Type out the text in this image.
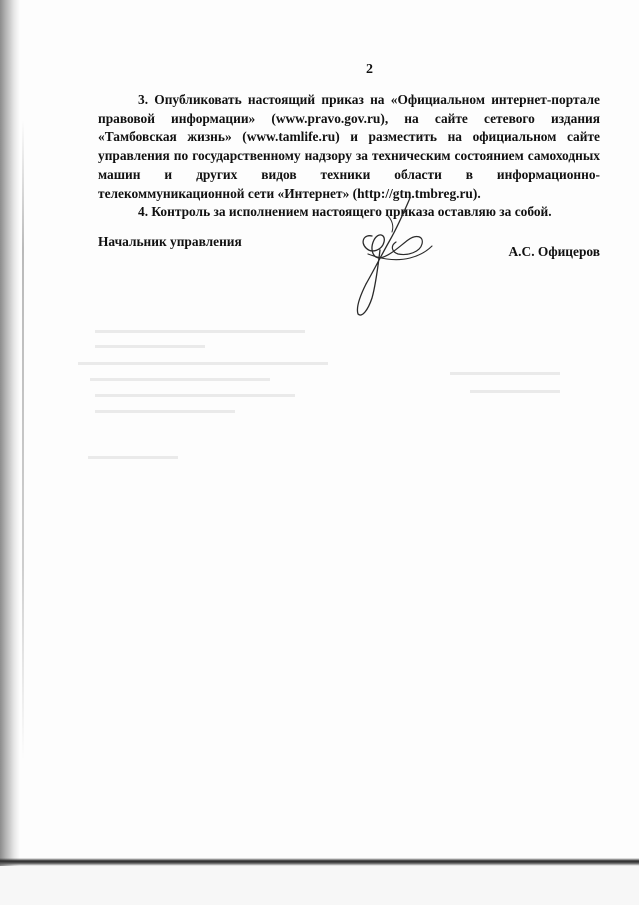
2

3. Опубликовать настоящий приказ на «Официальном интернет-портале правовой информации» (www.pravo.gov.ru), на сайте сетевого издания «Тамбовская жизнь» (www.tamlife.ru) и разместить на официальном сайте управления по государственному надзору за техническим состоянием самоходных машин и других видов техники области в информационно-телекоммуникационной сети «Интернет» (http://gtn.tmbreg.ru).

4. Контроль за исполнением настоящего приказа оставляю за собой.

Начальник управления
А.С. Офицеров
